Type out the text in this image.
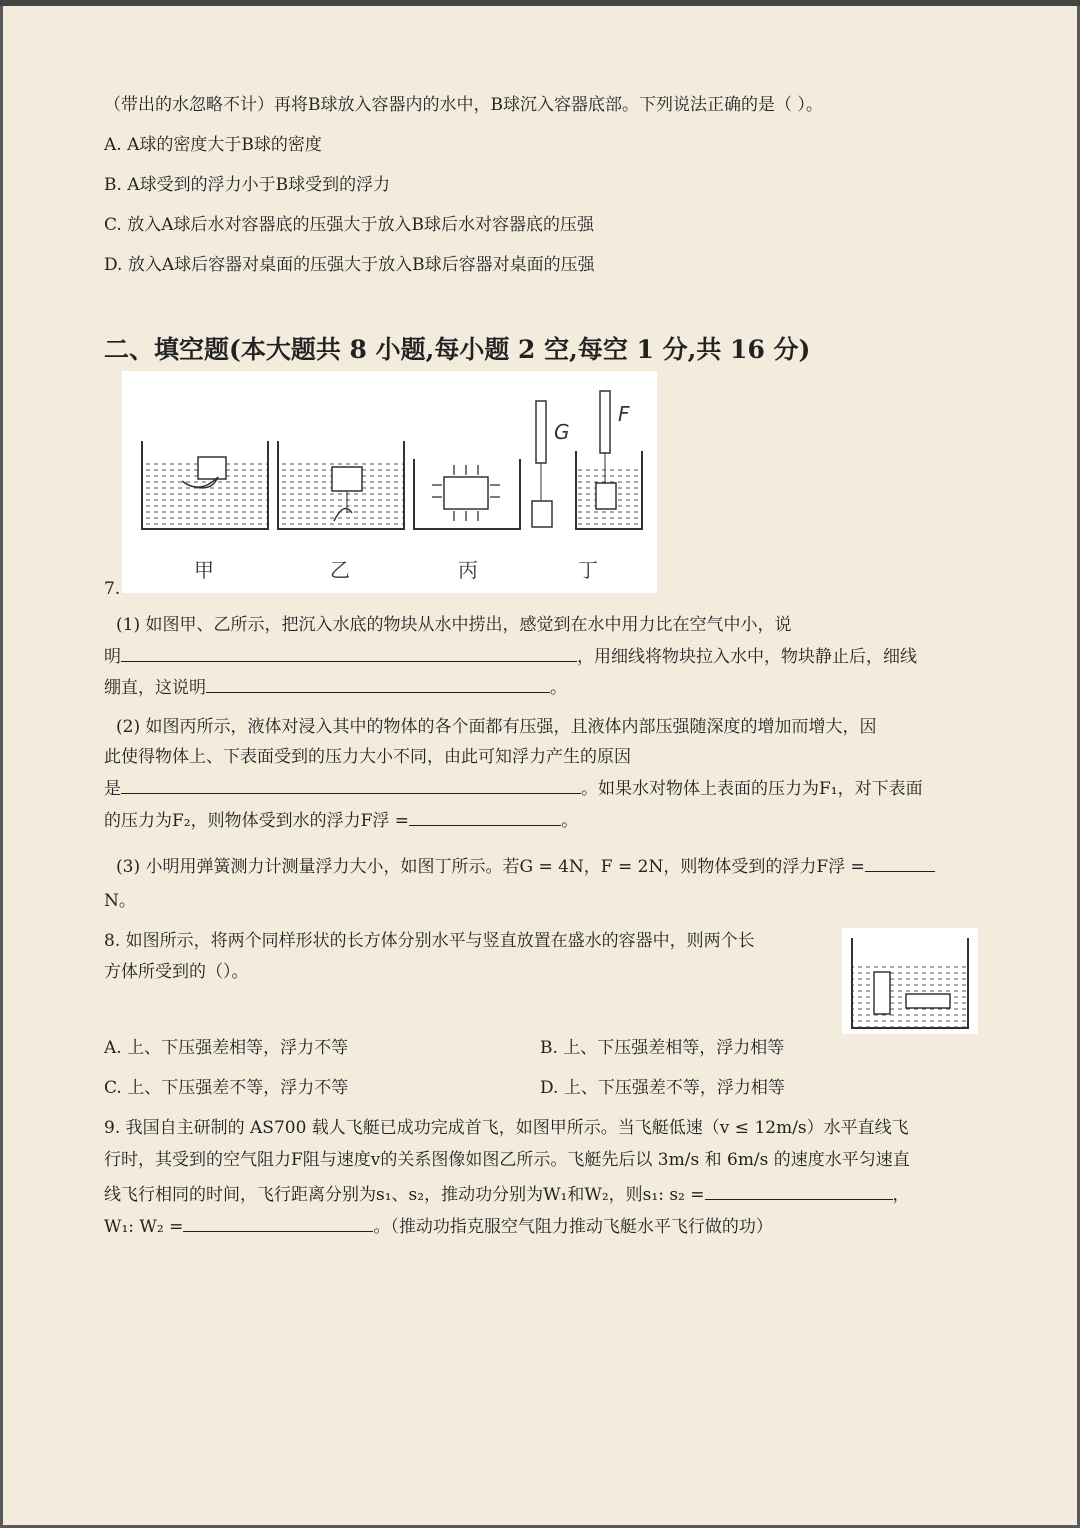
（带出的水忽略不计）再将B球放入容器内的水中，B球沉入容器底部。下列说法正确的是（ ）。
A. A球的密度大于B球的密度
B. A球受到的浮力小于B球受到的浮力
C. 放入A球后水对容器底的压强大于放入B球后水对容器底的压强
D. 放入A球后容器对桌面的压强大于放入B球后容器对桌面的压强
二、填空题(本大题共 8 小题,每小题 2 空,每空 1 分,共 16 分)
G
F
甲	乙	丙	丁
7.
(1) 如图甲、乙所示，把沉入水底的物块从水中捞出，感觉到在水中用力比在空气中小，说
明	，用细线将物块拉入水中，物块静止后，细线
绷直，这说明	。
(2) 如图丙所示，液体对浸入其中的物体的各个面都有压强，且液体内部压强随深度的增加而增大，因
此使得物体上、下表面受到的压力大小不同，由此可知浮力产生的原因
是	。如果水对物体上表面的压力为F₁，对下表面
的压力为F₂，则物体受到水的浮力F浮 =	。
(3) 小明用弹簧测力计测量浮力大小，如图丁所示。若G = 4N，F = 2N，则物体受到的浮力F浮 =
N。
8. 如图所示，将两个同样形状的长方体分别水平与竖直放置在盛水的容器中，则两个长
方体所受到的（）。
A. 上、下压强差相等，浮力不等	B. 上、下压强差相等，浮力相等
C. 上、下压强差不等，浮力不等	D. 上、下压强差不等，浮力相等
9. 我国自主研制的 AS700 载人飞艇已成功完成首飞，如图甲所示。当飞艇低速（v ≤ 12m/s）水平直线飞
行时，其受到的空气阻力F阻与速度v的关系图像如图乙所示。飞艇先后以 3m/s 和 6m/s 的速度水平匀速直
线飞行相同的时间，飞行距离分别为s₁、s₂，推动功分别为W₁和W₂，则s₁: s₂ =	，
W₁: W₂ =	。（推动功指克服空气阻力推动飞艇水平飞行做的功）
